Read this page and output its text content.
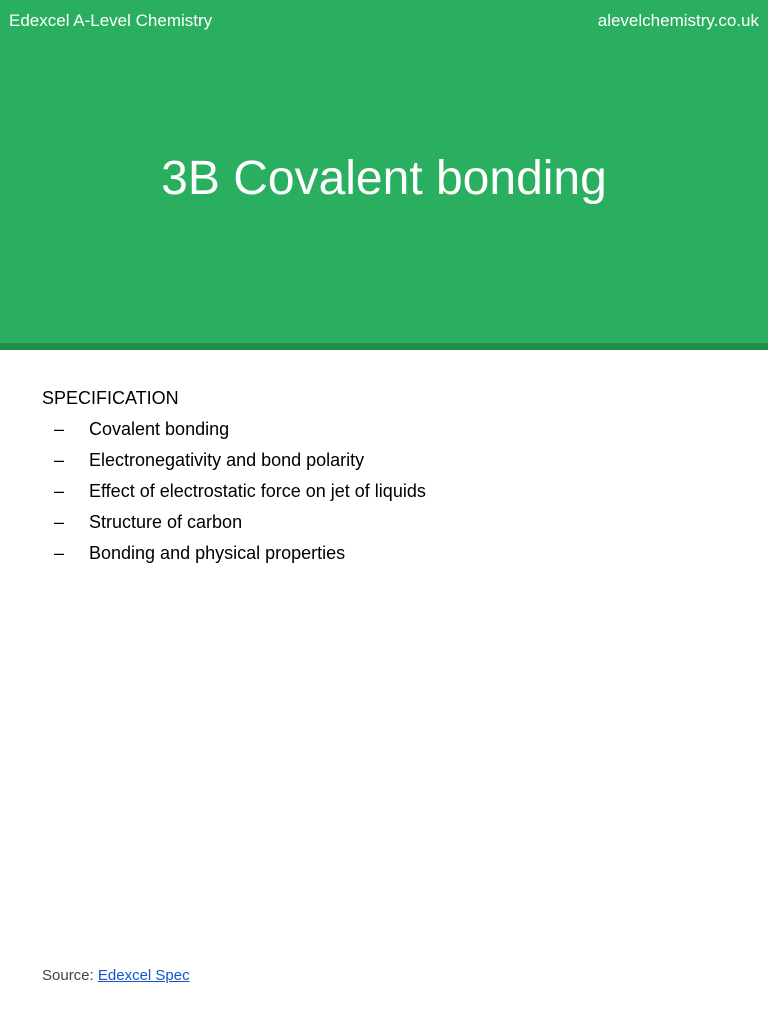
Edexcel A-Level Chemistry	alevelchemistry.co.uk
3B Covalent bonding
SPECIFICATION
– Covalent bonding
– Electronegativity and bond polarity
– Effect of electrostatic force on jet of liquids
– Structure of carbon
– Bonding and physical properties
Source: Edexcel Spec
